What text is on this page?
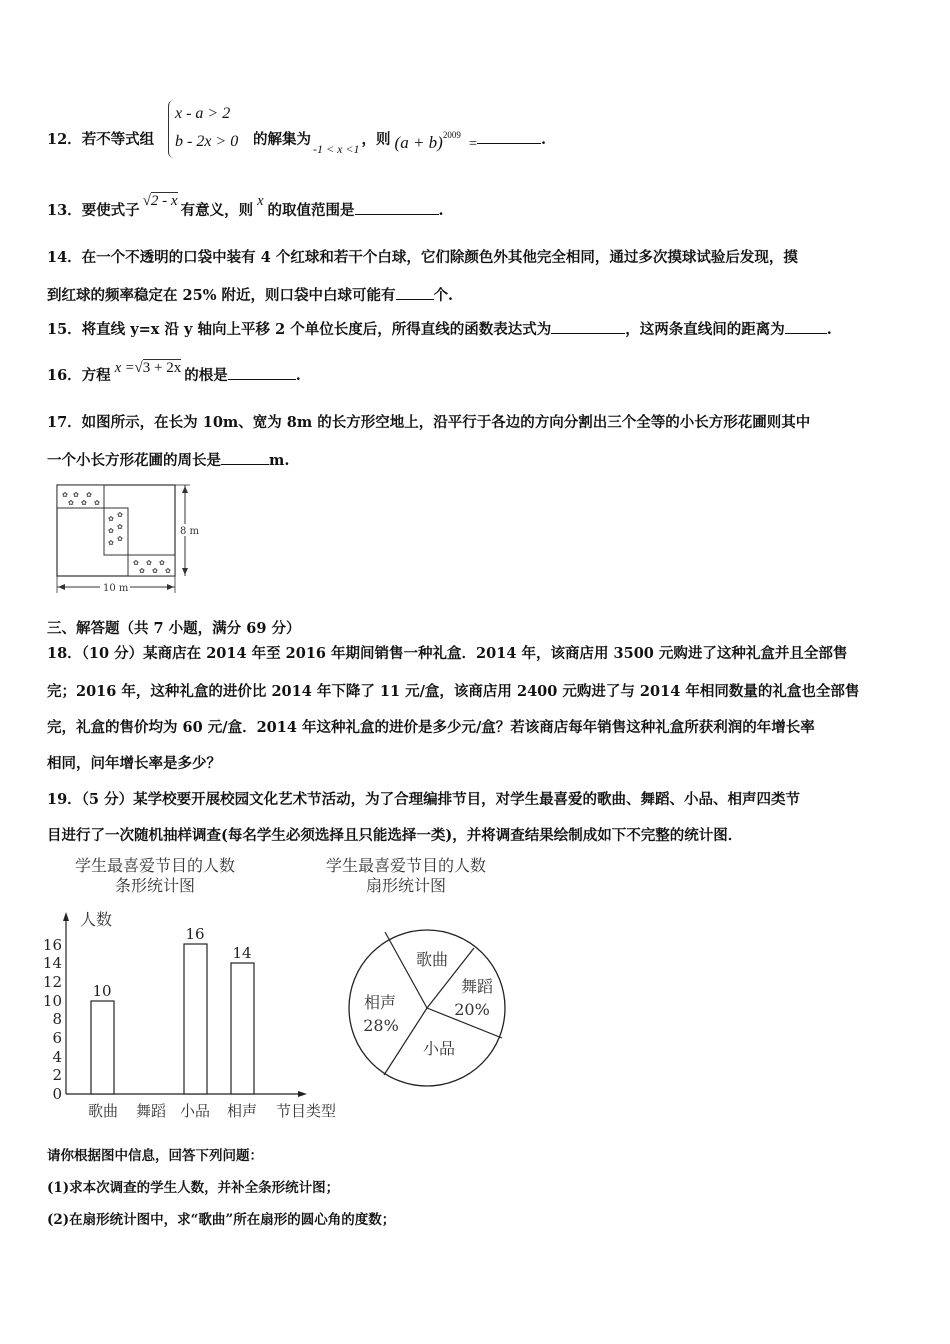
12．若不等式组
x - a > 2
b - 2x > 0 的解集为$_{-1 < x <1}$，则 $(a + b)^{2009}=$	.
13．要使式子√2 - x有意义，则x的取值范围是	.
14．在一个不透明的口袋中装有 4 个红球和若干个白球，它们除颜色外其他完全相同，通过多次摸球试验后发现，摸
到红球的频率稳定在 25% 附近，则口袋中白球可能有	个.
15．将直线 y=x 沿 y 轴向上平移 2 个单位长度后，所得直线的函数表达式为	，这两条直线间的距离为	.
16．方程 x =√3 + 2x 的根是	.
17．如图所示，在长为 10m、宽为 8m 的长方形空地上，沿平行于各边的方向分割出三个全等的小长方形花圃则其中
一个小长方形花圃的周长是	m.
✿ ✿ ✿
✿ ✿ ✿
✿ ✿
✿ ✿
✿ ✿
✿ ✿ ✿
✿ ✿ ✿
8 m
10 m
三、解答题（共 7 小题，满分 69 分）
18．（10 分）某商店在 2014 年至 2016 年期间销售一种礼盒．2014 年，该商店用 3500 元购进了这种礼盒并且全部售
完；2016 年，这种礼盒的进价比 2014 年下降了 11 元/盒，该商店用 2400 元购进了与 2014 年相同数量的礼盒也全部售
完，礼盒的售价均为 60 元/盒．2014 年这种礼盒的进价是多少元/盒？若该商店每年销售这种礼盒所获利润的年增长率
相同，问年增长率是多少？
19．（5 分）某学校要开展校园文化艺术节活动，为了合理编排节目，对学生最喜爱的歌曲、舞蹈、小品、相声四类节
目进行了一次随机抽样调查(每名学生必须选择且只能选择一类)，并将调查结果绘制成如下不完整的统计图．
学生最喜爱节目的人数
条形统计图
人数
0
2
4
6
8
10
12
14
16
10
16
14
歌曲 舞蹈 小品 相声 节目类型
学生最喜爱节目的人数
扇形统计图
歌曲
舞蹈
20%
小品
相声
28%
请你根据图中信息，回答下列问题：
(1)求本次调查的学生人数，并补全条形统计图；
(2)在扇形统计图中，求“歌曲”所在扇形的圆心角的度数；
